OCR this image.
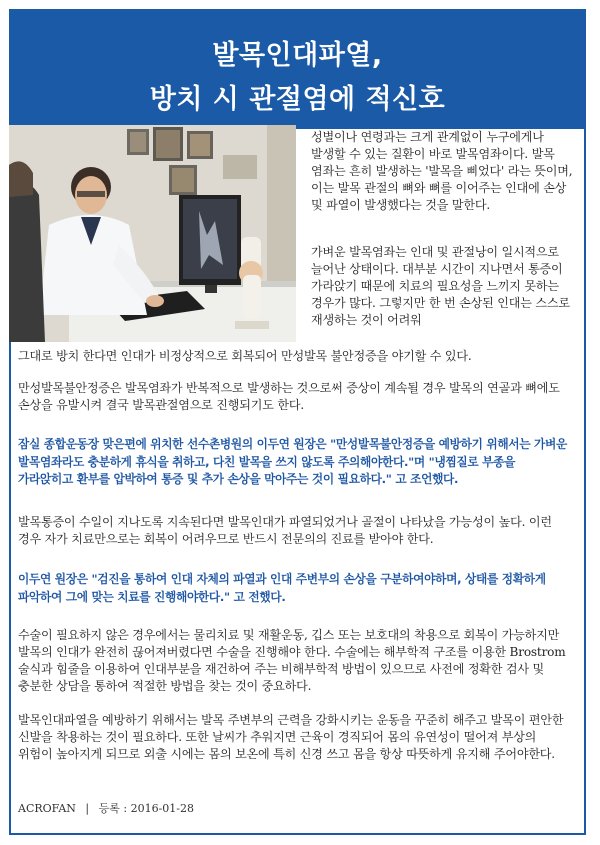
발목인대파열,
방치 시 관절염에 적신호

성별이나 연령과는 크게 관계없이 누구에게나 발생할 수 있는 질환이 바로 발목염좌이다. 발목 염좌는 흔히 발생하는 '발목을 삐었다' 라는 뜻이며, 이는 발목 관절의 뼈와 뼈를 이어주는 인대에 손상 및 파열이 발생했다는 것을 말한다.

가벼운 발목염좌는 인대 및 관절낭이 일시적으로 늘어난 상태이다. 대부분 시간이 지나면서 통증이 가라앉기 때문에 치료의 필요성을 느끼지 못하는 경우가 많다. 그렇지만 한 번 손상된 인대는 스스로 재생하는 것이 어려워

그대로 방치 한다면 인대가 비정상적으로 회복되어 만성발목 불안정증을 야기할 수 있다.

만성발목불안정증은 발목염좌가 반복적으로 발생하는 것으로써 증상이 계속될 경우 발목의 연골과 뼈에도 손상을 유발시켜 결국 발목관절염으로 진행되기도 한다.

잠실 종합운동장 맞은편에 위치한 선수촌병원의 이두연 원장은 "만성발목불안정증을 예방하기 위해서는 가벼운 발목염좌라도 충분하게 휴식을 취하고, 다친 발목을 쓰지 않도록 주의해야한다."며 "냉찜질로 부종을 가라앉히고 환부를 압박하여 통증 및 추가 손상을 막아주는 것이 필요하다." 고 조언했다.

발목통증이 수일이 지나도록 지속된다면 발목인대가 파열되었거나 골절이 나타났을 가능성이 높다. 이런 경우 자가 치료만으로는 회복이 어려우므로 반드시 전문의의 진료를 받아야 한다.

이두연 원장은 "검진을 통하여 인대 자체의 파열과 인대 주변부의 손상을 구분하여야하며, 상태를 정확하게 파악하여 그에 맞는 치료를 진행해야한다." 고 전했다.

수술이 필요하지 않은 경우에서는 물리치료 및 재활운동, 깁스 또는 보호대의 착용으로 회복이 가능하지만 발목의 인대가 완전히 끊어져버렸다면 수술을 진행해야 한다. 수술에는 해부학적 구조를 이용한 Brostrom 술식과 힘줄을 이용하여 인대부분을 재건하여 주는 비해부학적 방법이 있으므로 사전에 정확한 검사 및 충분한 상담을 통하여 적절한 방법을 찾는 것이 중요하다.

발목인대파열을 예방하기 위해서는 발목 주변부의 근력을 강화시키는 운동을 꾸준히 해주고 발목이 편안한 신발을 착용하는 것이 필요하다. 또한 날씨가 추워지면 근육이 경직되어 몸의 유연성이 떨어져 부상의 위험이 높아지게 되므로 외출 시에는 몸의 보온에 특히 신경 쓰고 몸을 항상 따뜻하게 유지해 주어야한다.

ACROFAN | 등록 : 2016-01-28
